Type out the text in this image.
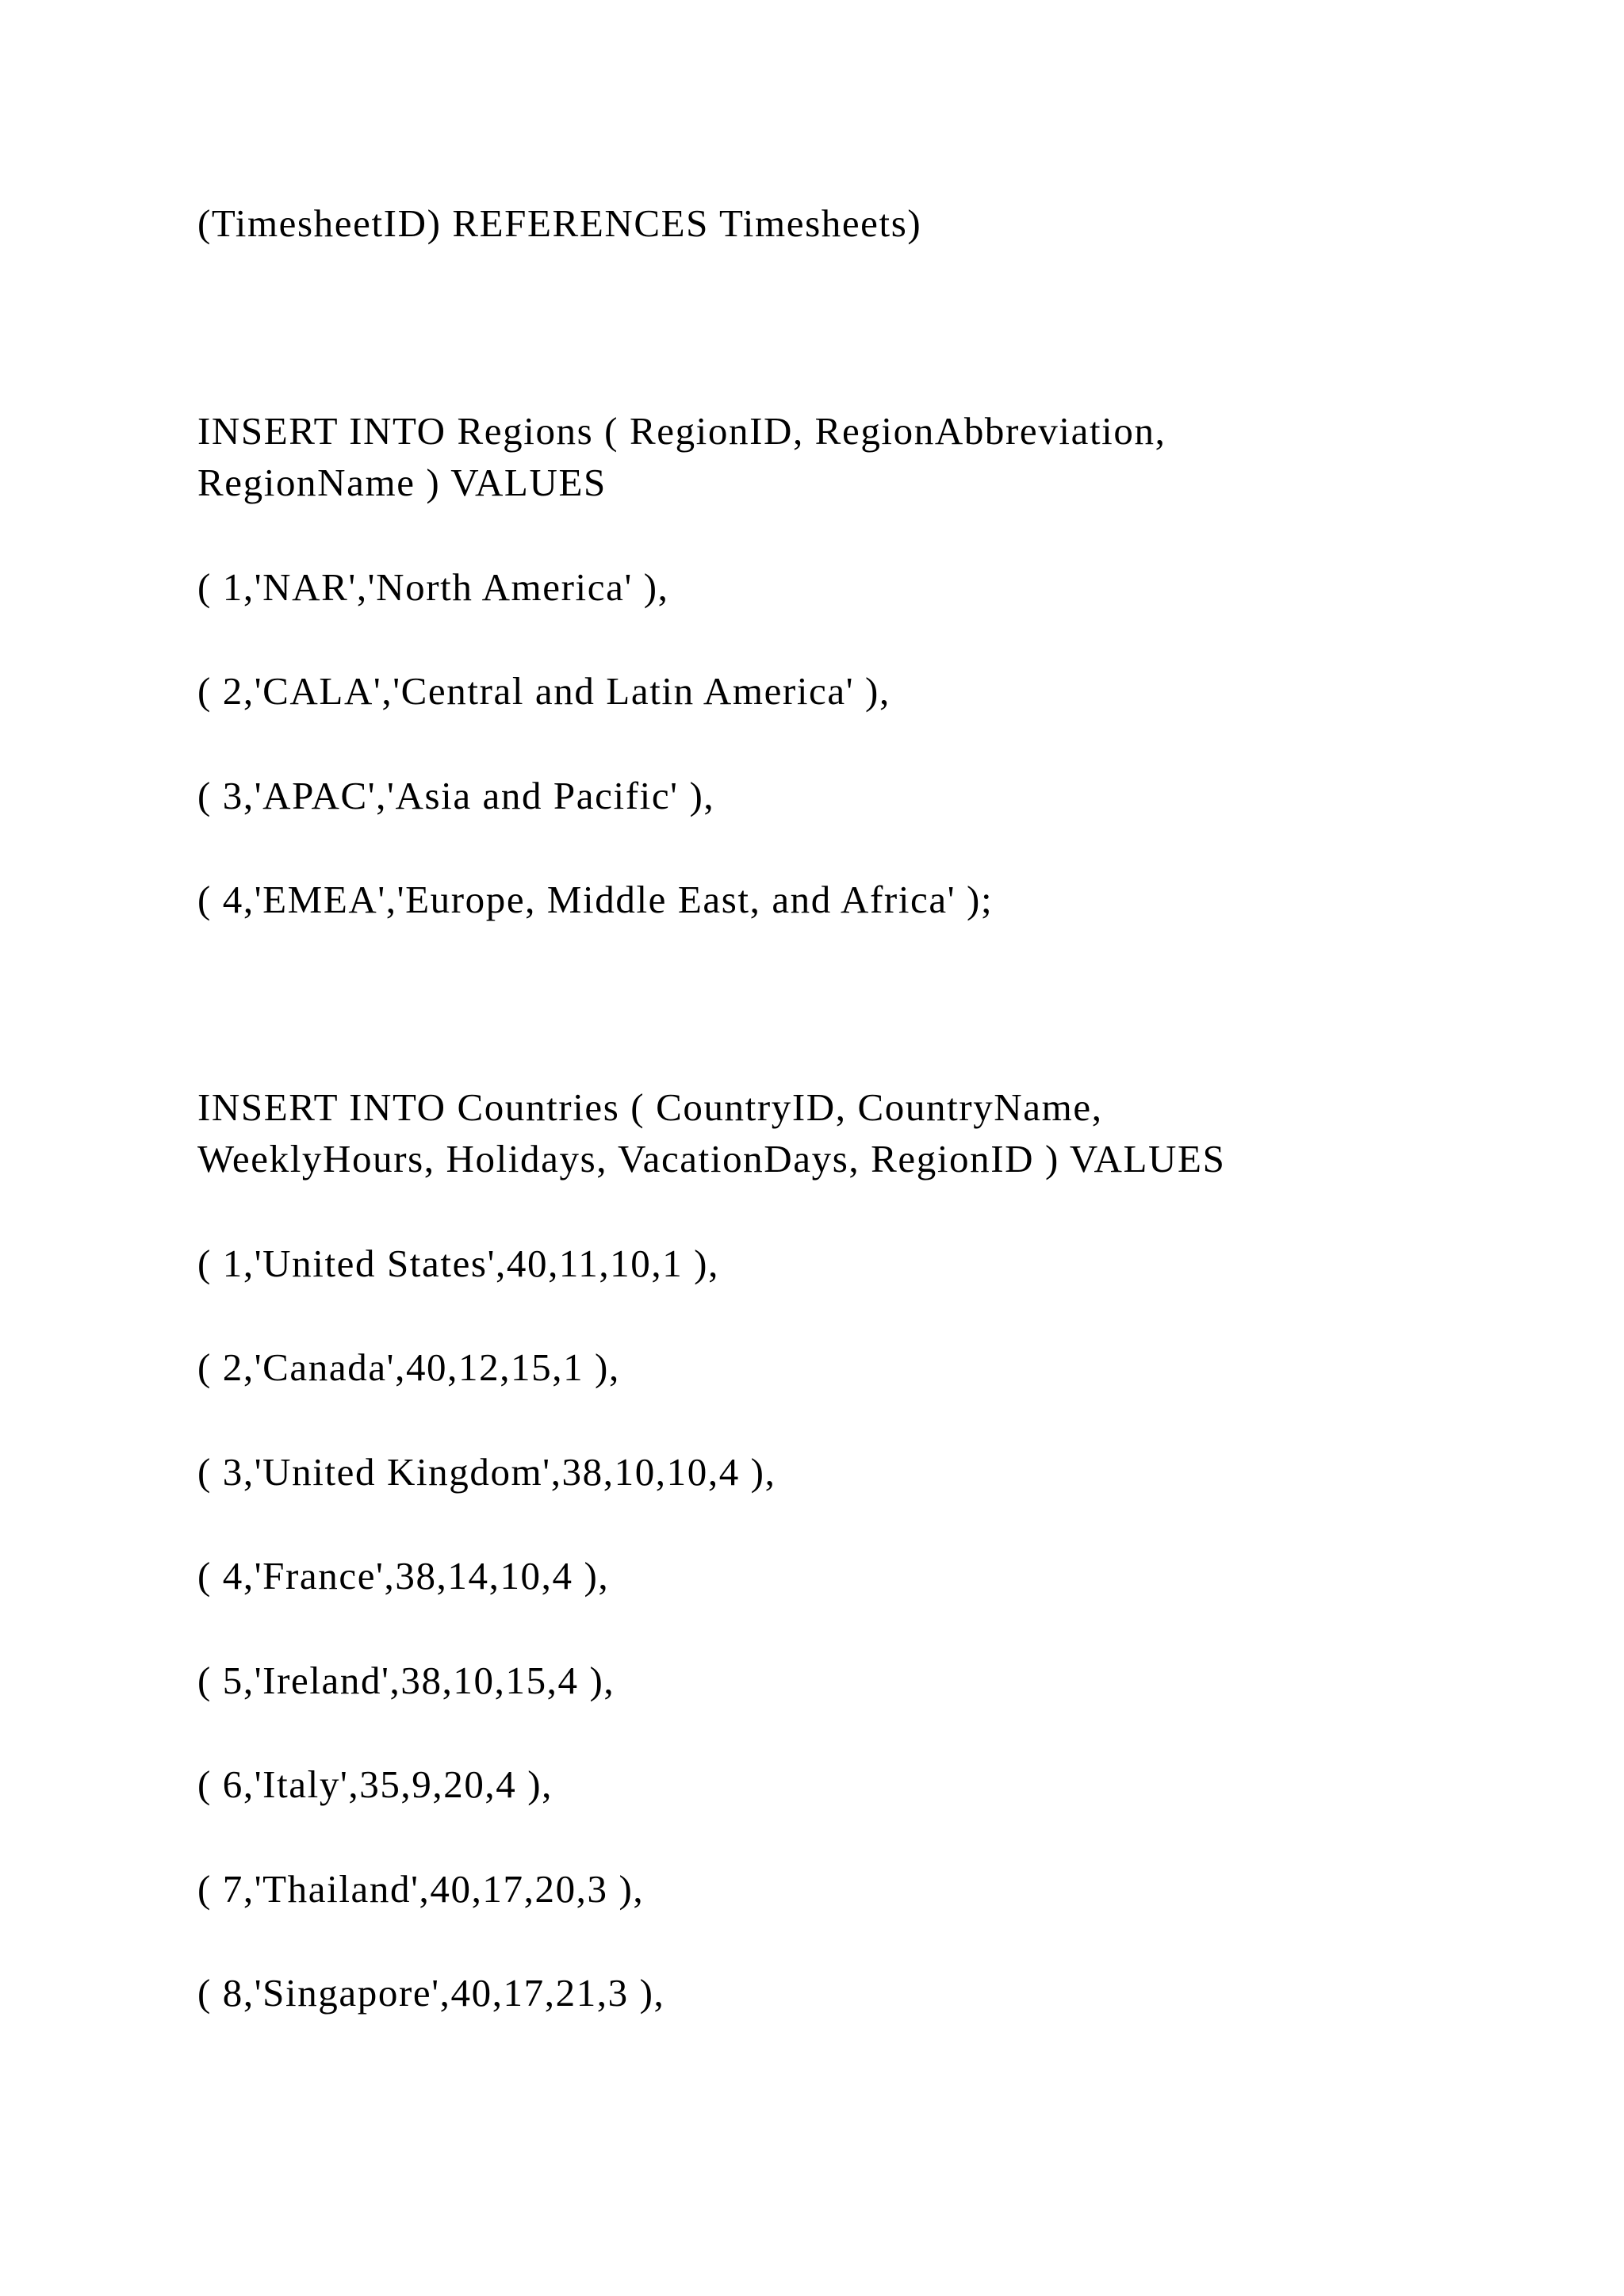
(TimesheetID) REFERENCES Timesheets)

INSERT INTO Regions ( RegionID, RegionAbbreviation,

RegionName ) VALUES

( 1,'NAR','North America' ),

( 2,'CALA','Central and Latin America' ),

( 3,'APAC','Asia and Pacific' ),

( 4,'EMEA','Europe, Middle East, and Africa' );

INSERT INTO Countries ( CountryID, CountryName,

WeeklyHours, Holidays, VacationDays, RegionID ) VALUES

( 1,'United States',40,11,10,1 ),

( 2,'Canada',40,12,15,1 ),

( 3,'United Kingdom',38,10,10,4 ),

( 4,'France',38,14,10,4 ),

( 5,'Ireland',38,10,15,4 ),

( 6,'Italy',35,9,20,4 ),

( 7,'Thailand',40,17,20,3 ),

( 8,'Singapore',40,17,21,3 ),
